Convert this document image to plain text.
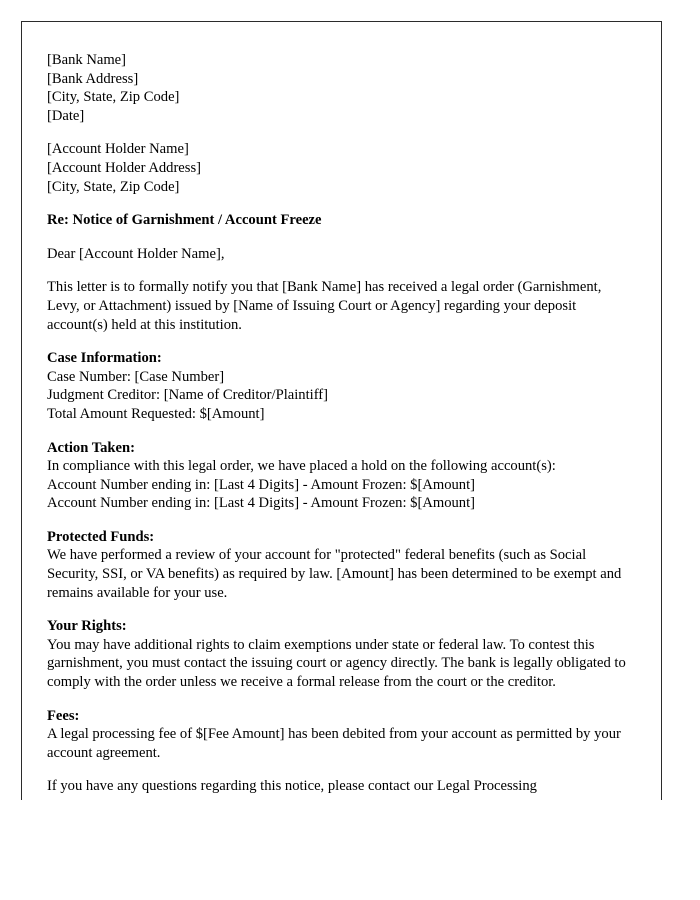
[Bank Name]
[Bank Address]
[City, State, Zip Code]
[Date]
[Account Holder Name]
[Account Holder Address]
[City, State, Zip Code]
Re: Notice of Garnishment / Account Freeze
Dear [Account Holder Name],

This letter is to formally notify you that [Bank Name] has received a legal order (Garnishment, Levy, or Attachment) issued by [Name of Issuing Court or Agency] regarding your deposit account(s) held at this institution.

Case Information:
Case Number: [Case Number]
Judgment Creditor: [Name of Creditor/Plaintiff]
Total Amount Requested: $[Amount]
Action Taken:
In compliance with this legal order, we have placed a hold on the following account(s):
Account Number ending in: [Last 4 Digits] - Amount Frozen: $[Amount]
Account Number ending in: [Last 4 Digits] - Amount Frozen: $[Amount]
Protected Funds:

We have performed a review of your account for "protected" federal benefits (such as Social Security, SSI, or VA benefits) as required by law. [Amount] has been determined to be exempt and remains available for your use.

Your Rights:

You may have additional rights to claim exemptions under state or federal law. To contest this garnishment, you must contact the issuing court or agency directly. The bank is legally obligated to comply with the order unless we receive a formal release from the court or the creditor.

Fees:

A legal processing fee of $[Fee Amount] has been debited from your account as permitted by your account agreement.

If you have any questions regarding this notice, please contact our Legal Processing
